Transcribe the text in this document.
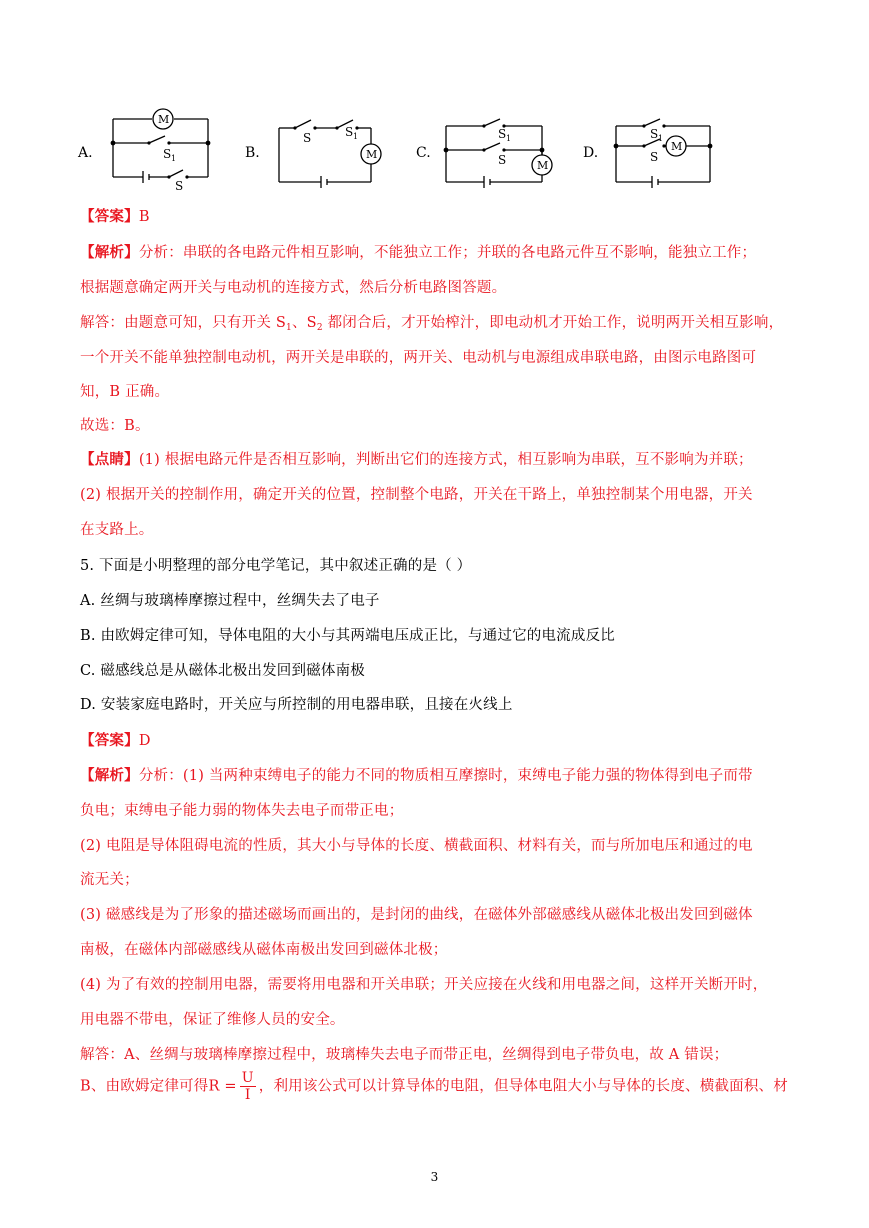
A.	B.	C.	D.
M
S 1
S
S	S 1
M
S 1
S	M
S 1
S
M
【答案】B
【解析】分析：串联的各电路元件相互影响，不能独立工作；并联的各电路元件互不影响，能独立工作；
根据题意确定两开关与电动机的连接方式，然后分析电路图答题。
解答：由题意可知，只有开关 $S_1$、$S_2$ 都闭合后，才开始榨汁，即电动机才开始工作，说明两开关相互影响，
一个开关不能单独控制电动机，两开关是串联的，两开关、电动机与电源组成串联电路，由图示电路图可
知，B 正确。
故选：B。
【点睛】(1) 根据电路元件是否相互影响，判断出它们的连接方式，相互影响为串联，互不影响为并联；
(2) 根据开关的控制作用，确定开关的位置，控制整个电路，开关在干路上，单独控制某个用电器，开关
在支路上。
5. 下面是小明整理的部分电学笔记，其中叙述正确的是（ ）
A. 丝绸与玻璃棒摩擦过程中，丝绸失去了电子
B. 由欧姆定律可知，导体电阻的大小与其两端电压成正比，与通过它的电流成反比
C. 磁感线总是从磁体北极出发回到磁体南极
D. 安装家庭电路时，开关应与所控制的用电器串联，且接在火线上
【答案】D
【解析】分析：(1) 当两种束缚电子的能力不同的物质相互摩擦时，束缚电子能力强的物体得到电子而带
负电；束缚电子能力弱的物体失去电子而带正电；
(2) 电阻是导体阻碍电流的性质，其大小与导体的长度、横截面积、材料有关，而与所加电压和通过的电
流无关；
(3) 磁感线是为了形象的描述磁场而画出的，是封闭的曲线，在磁体外部磁感线从磁体北极出发回到磁体
南极，在磁体内部磁感线从磁体南极出发回到磁体北极；
(4) 为了有效的控制用电器，需要将用电器和开关串联；开关应接在火线和用电器之间，这样开关断开时，
用电器不带电，保证了维修人员的安全。
解答：A、丝绸与玻璃棒摩擦过程中，玻璃棒失去电子而带正电，丝绸得到电子带负电，故 A 错误；
B、由欧姆定律可得$R = \frac{U}{I}$ ，利用该公式可以计算导体的电阻，但导体电阻大小与导体的长度、横截面积、材
3
